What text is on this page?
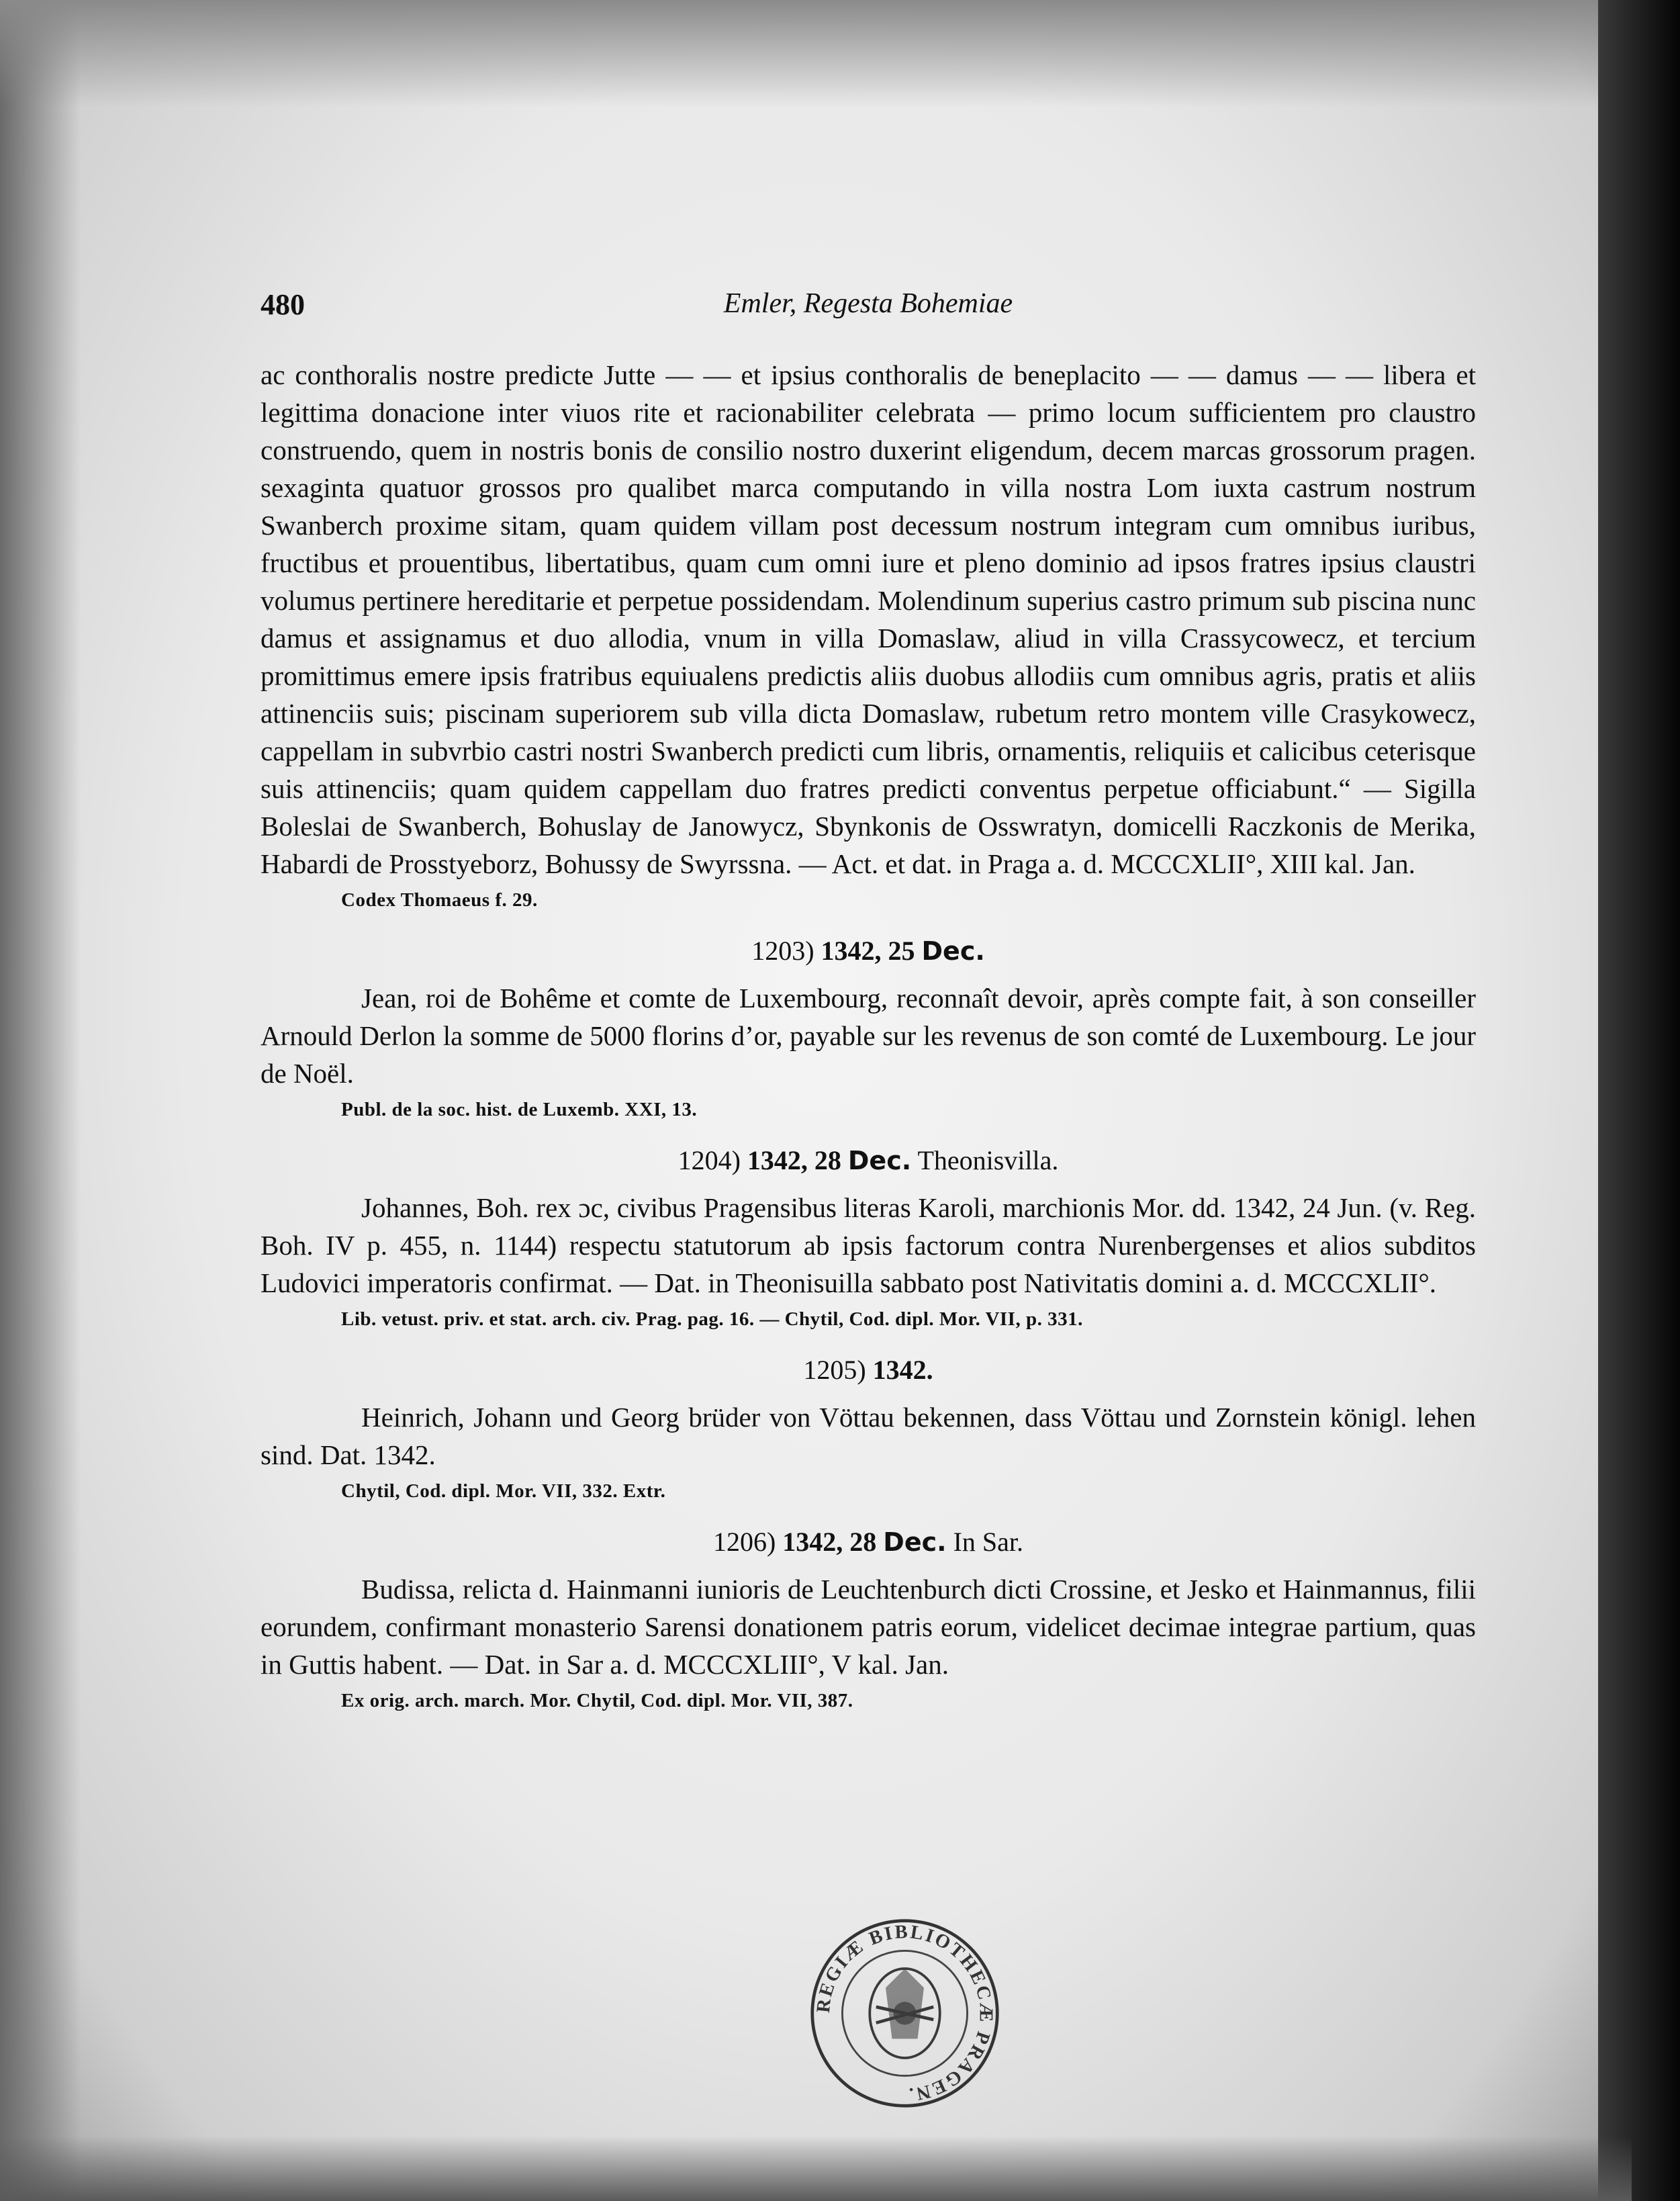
480	Emler, Regesta Bohemiae

ac conthoralis nostre predicte Jutte — — et ipsius conthoralis de beneplacito — — damus — — libera et legittima donacione inter viuos rite et racionabiliter celebrata — primo locum sufficientem pro claustro construendo, quem in nostris bonis de consilio nostro duxerint eligendum, decem marcas grossorum pragen. sexaginta quatuor grossos pro qualibet marca computando in villa nostra Lom iuxta castrum nostrum Swanberch proxime sitam, quam quidem villam post decessum nostrum integram cum omnibus iuribus, fructibus et prouentibus, libertatibus, quam cum omni iure et pleno dominio ad ipsos fratres ipsius claustri volumus pertinere hereditarie et perpetue possidendam. Molendinum superius castro primum sub piscina nunc damus et assignamus et duo allodia, vnum in villa Domaslaw, aliud in villa Crassycowecz, et tercium promittimus emere ipsis fratribus equiualens predictis aliis duobus allodiis cum omnibus agris, pratis et aliis attinenciis suis; piscinam superiorem sub villa dicta Domaslaw, rubetum retro montem ville Crasykowecz, cappellam in subvrbio castri nostri Swanberch predicti cum libris, ornamentis, reliquiis et calicibus ceterisque suis attinenciis; quam quidem cappellam duo fratres predicti conventus perpetue officiabunt.“ — Sigilla Boleslai de Swanberch, Bohuslay de Janowycz, Sbynkonis de Osswratyn, domicelli Raczkonis de Merika, Habardi de Prosstyeborz, Bohussy de Swyrssna. — Act. et dat. in Praga a. d. MCCCXLII°, XIII kal. Jan.

Codex Thomaeus f. 29.
1203) 1342, 25 Dec.

Jean, roi de Bohême et comte de Luxembourg, reconnaît devoir, après compte fait, à son conseiller Arnould Derlon la somme de 5000 florins d’or, payable sur les revenus de son comté de Luxembourg. Le jour de Noël.

Publ. de la soc. hist. de Luxemb. XXI, 13.
1204) 1342, 28 Dec. Theonisvilla.

Johannes, Boh. rex ɔc, civibus Pragensibus literas Karoli, marchionis Mor. dd. 1342, 24 Jun. (v. Reg. Boh. IV p. 455, n. 1144) respectu statutorum ab ipsis factorum contra Nurenbergenses et alios subditos Ludovici imperatoris confirmat. — Dat. in Theonisuilla sabbato post Nativitatis domini a. d. MCCCXLII°.

Lib. vetust. priv. et stat. arch. civ. Prag. pag. 16. — Chytil, Cod. dipl. Mor. VII, p. 331.
1205) 1342.

Heinrich, Johann und Georg brüder von Vöttau bekennen, dass Vöttau und Zornstein königl. lehen sind. Dat. 1342.

Chytil, Cod. dipl. Mor. VII, 332. Extr.
1206) 1342, 28 Dec. In Sar.

Budissa, relicta d. Hainmanni iunioris de Leuchtenburch dicti Crossine, et Jesko et Hainmannus, filii eorundem, confirmant monasterio Sarensi donationem patris eorum, videlicet decimae integrae partium, quas in Guttis habent. — Dat. in Sar a. d. MCCCXLIII°, V kal. Jan.

Ex orig. arch. march. Mor. Chytil, Cod. dipl. Mor. VII, 387.
REGIÆ BIBLIOTHECÆ PRAGEN.
